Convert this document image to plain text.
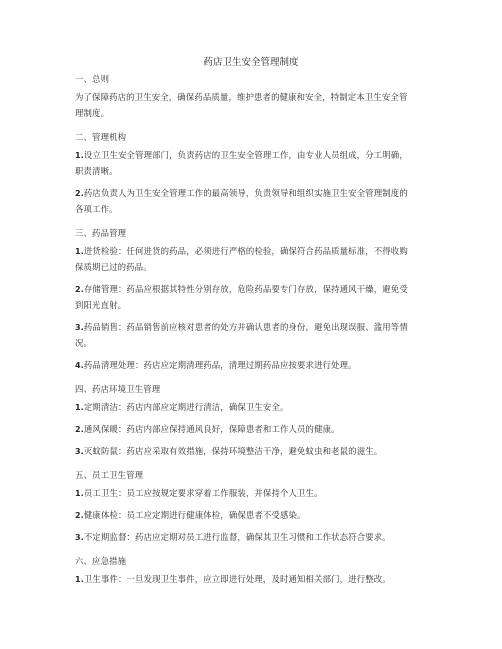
药店卫生安全管理制度
一、总则
为了保障药店的卫生安全，确保药品质量，维护患者的健康和安全，特制定本卫生安全管
理制度。
二、管理机构
1.设立卫生安全管理部门，负责药店的卫生安全管理工作，由专业人员组成，分工明确，
职责清晰。
2.药店负责人为卫生安全管理工作的最高领导，负责领导和组织实施卫生安全管理制度的
各项工作。
三、药品管理
1.进货检验：任何进货的药品，必须进行严格的检验，确保符合药品质量标准，不得收购
保质期已过的药品。
2.存储管理：药品应根据其特性分别存放，危险药品要专门存放，保持通风干燥，避免受
到阳光直射。
3.药品销售：药品销售前应核对患者的处方并确认患者的身份，避免出现误服、滥用等情
况。
4.药品清理处理：药店应定期清理药品，清理过期药品应按要求进行处理。
四、药店环境卫生管理
1.定期清洁：药店内部应定期进行清洁，确保卫生安全。
2.通风保暖：药店内部应保持通风良好，保障患者和工作人员的健康。
3.灭蚊防鼠：药店应采取有效措施，保持环境整洁干净，避免蚊虫和老鼠的滋生。
五、员工卫生管理
1.员工卫生：员工应按规定要求穿着工作服装，并保持个人卫生。
2.健康体检：员工应定期进行健康体检，确保患者不受感染。
3.不定期监督：药店应定期对员工进行监督，确保其卫生习惯和工作状态符合要求。
六、应急措施
1.卫生事件：一旦发现卫生事件，应立即进行处理，及时通知相关部门，进行整改。
